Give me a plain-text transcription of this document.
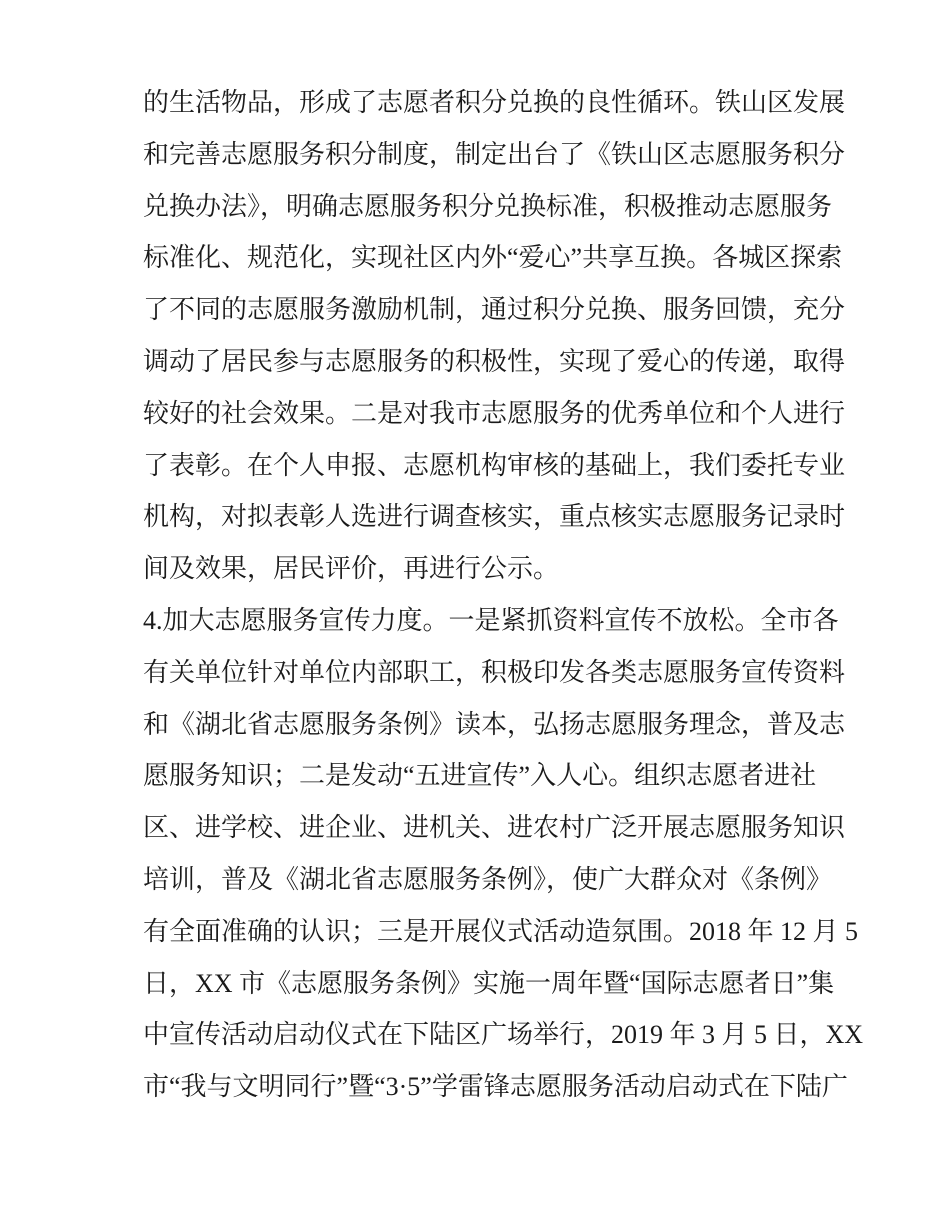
的生活物品，形成了志愿者积分兑换的良性循环。铁山区发展
和完善志愿服务积分制度，制定出台了《铁山区志愿服务积分
兑换办法》，明确志愿服务积分兑换标准，积极推动志愿服务
标准化、规范化，实现社区内外“爱心”共享互换。各城区探索
了不同的志愿服务激励机制，通过积分兑换、服务回馈，充分
调动了居民参与志愿服务的积极性，实现了爱心的传递，取得
较好的社会效果。二是对我市志愿服务的优秀单位和个人进行
了表彰。在个人申报、志愿机构审核的基础上，我们委托专业
机构，对拟表彰人选进行调查核实，重点核实志愿服务记录时
间及效果，居民评价，再进行公示。
4.加大志愿服务宣传力度。一是紧抓资料宣传不放松。全市各
有关单位针对单位内部职工，积极印发各类志愿服务宣传资料
和《湖北省志愿服务条例》读本，弘扬志愿服务理念，普及志
愿服务知识；二是发动“五进宣传”入人心。组织志愿者进社
区、进学校、进企业、进机关、进农村广泛开展志愿服务知识
培训，普及《湖北省志愿服务条例》，使广大群众对《条例》
有全面准确的认识；三是开展仪式活动造氛围。2018 年 12 月 5
日，XX 市《志愿服务条例》实施一周年暨“国际志愿者日”集
中宣传活动启动仪式在下陆区广场举行，2019 年 3 月 5 日，XX
市“我与文明同行”暨“3·5”学雷锋志愿服务活动启动式在下陆广
